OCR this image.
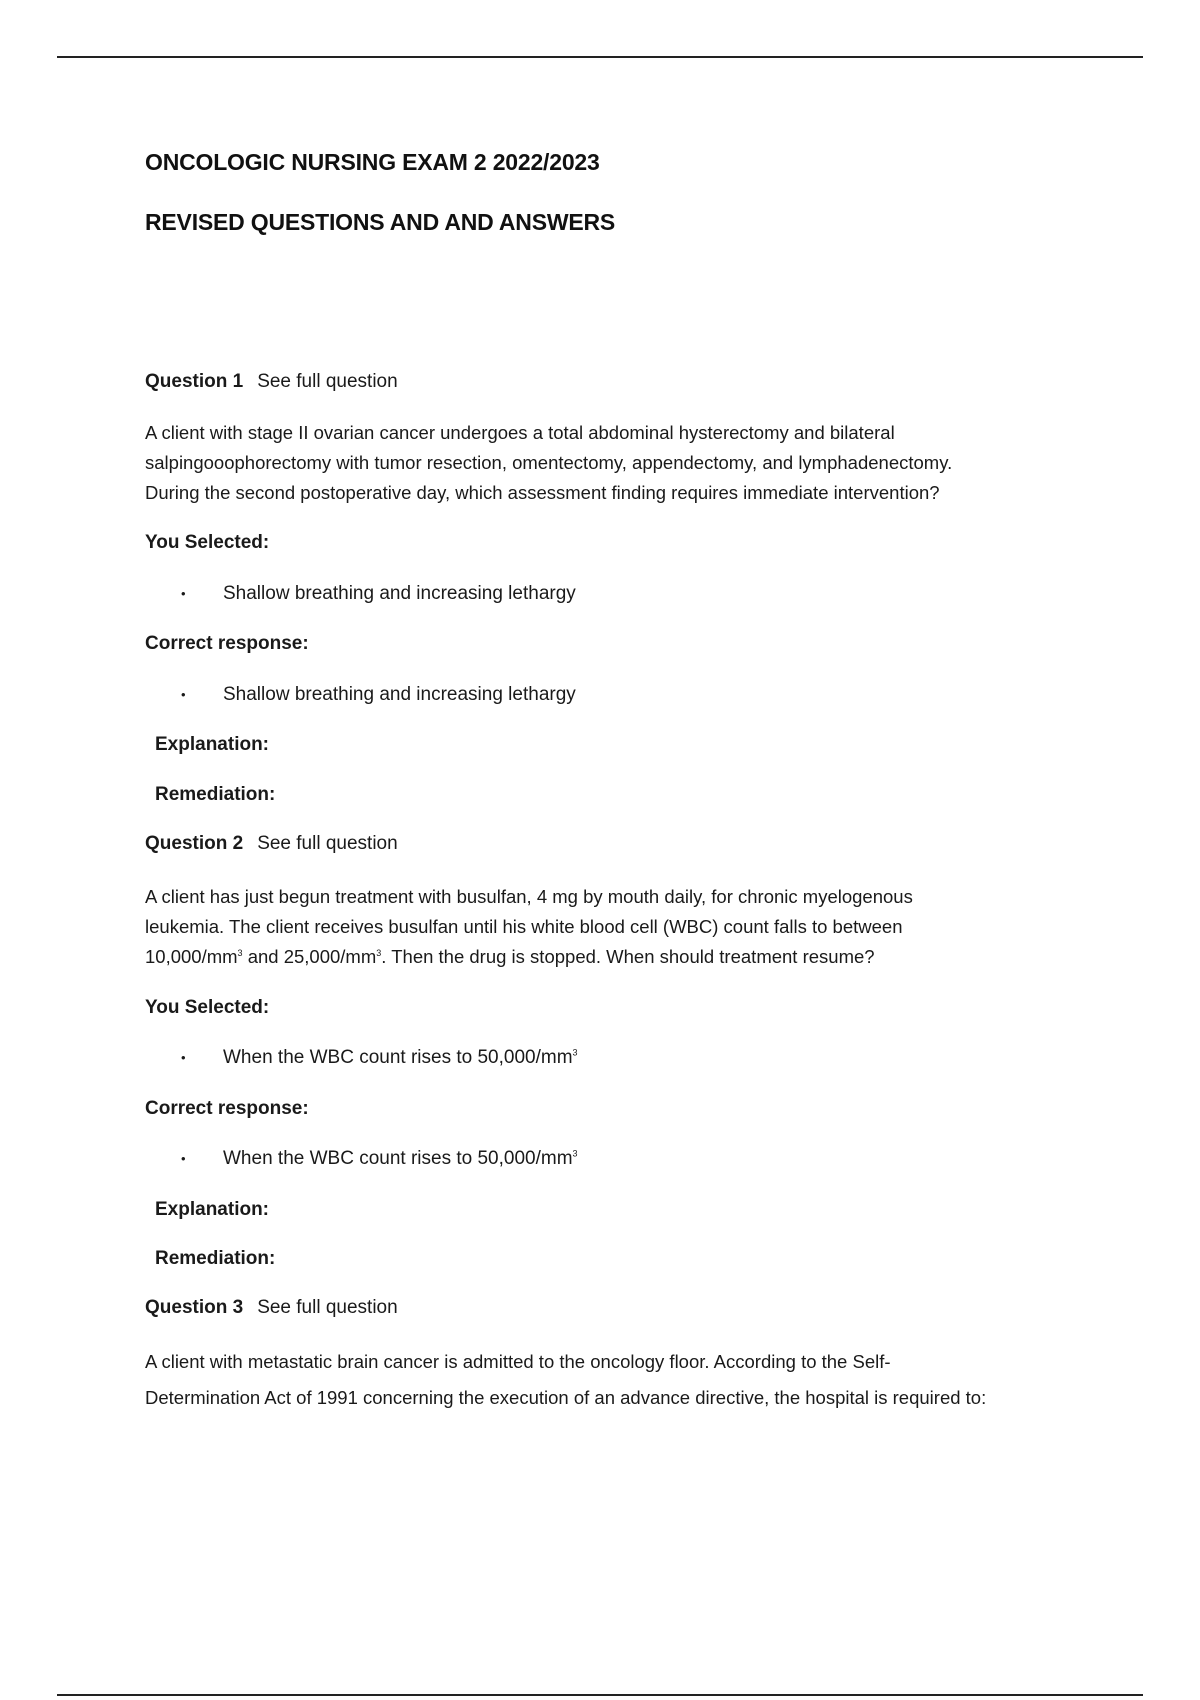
ONCOLOGIC NURSING EXAM 2 2022/2023
REVISED QUESTIONS AND AND ANSWERS
Question 1 See full question
A client with stage II ovarian cancer undergoes a total abdominal hysterectomy and bilateral
salpingooophorectomy with tumor resection, omentectomy, appendectomy, and lymphadenectomy.
During the second postoperative day, which assessment finding requires immediate intervention?
You Selected:
• Shallow breathing and increasing lethargy
Correct response:
• Shallow breathing and increasing lethargy
Explanation:
Remediation:
Question 2 See full question
A client has just begun treatment with busulfan, 4 mg by mouth daily, for chronic myelogenous
leukemia. The client receives busulfan until his white blood cell (WBC) count falls to between
$10,000/mm^3$ and $25,000/mm^3$. Then the drug is stopped. When should treatment resume?
You Selected:
• When the WBC count rises to $50,000/mm^3$
Correct response:
• When the WBC count rises to $50,000/mm^3$
Explanation:
Remediation:
Question 3 See full question
A client with metastatic brain cancer is admitted to the oncology floor. According to the Self-
Determination Act of 1991 concerning the execution of an advance directive, the hospital is required to:
